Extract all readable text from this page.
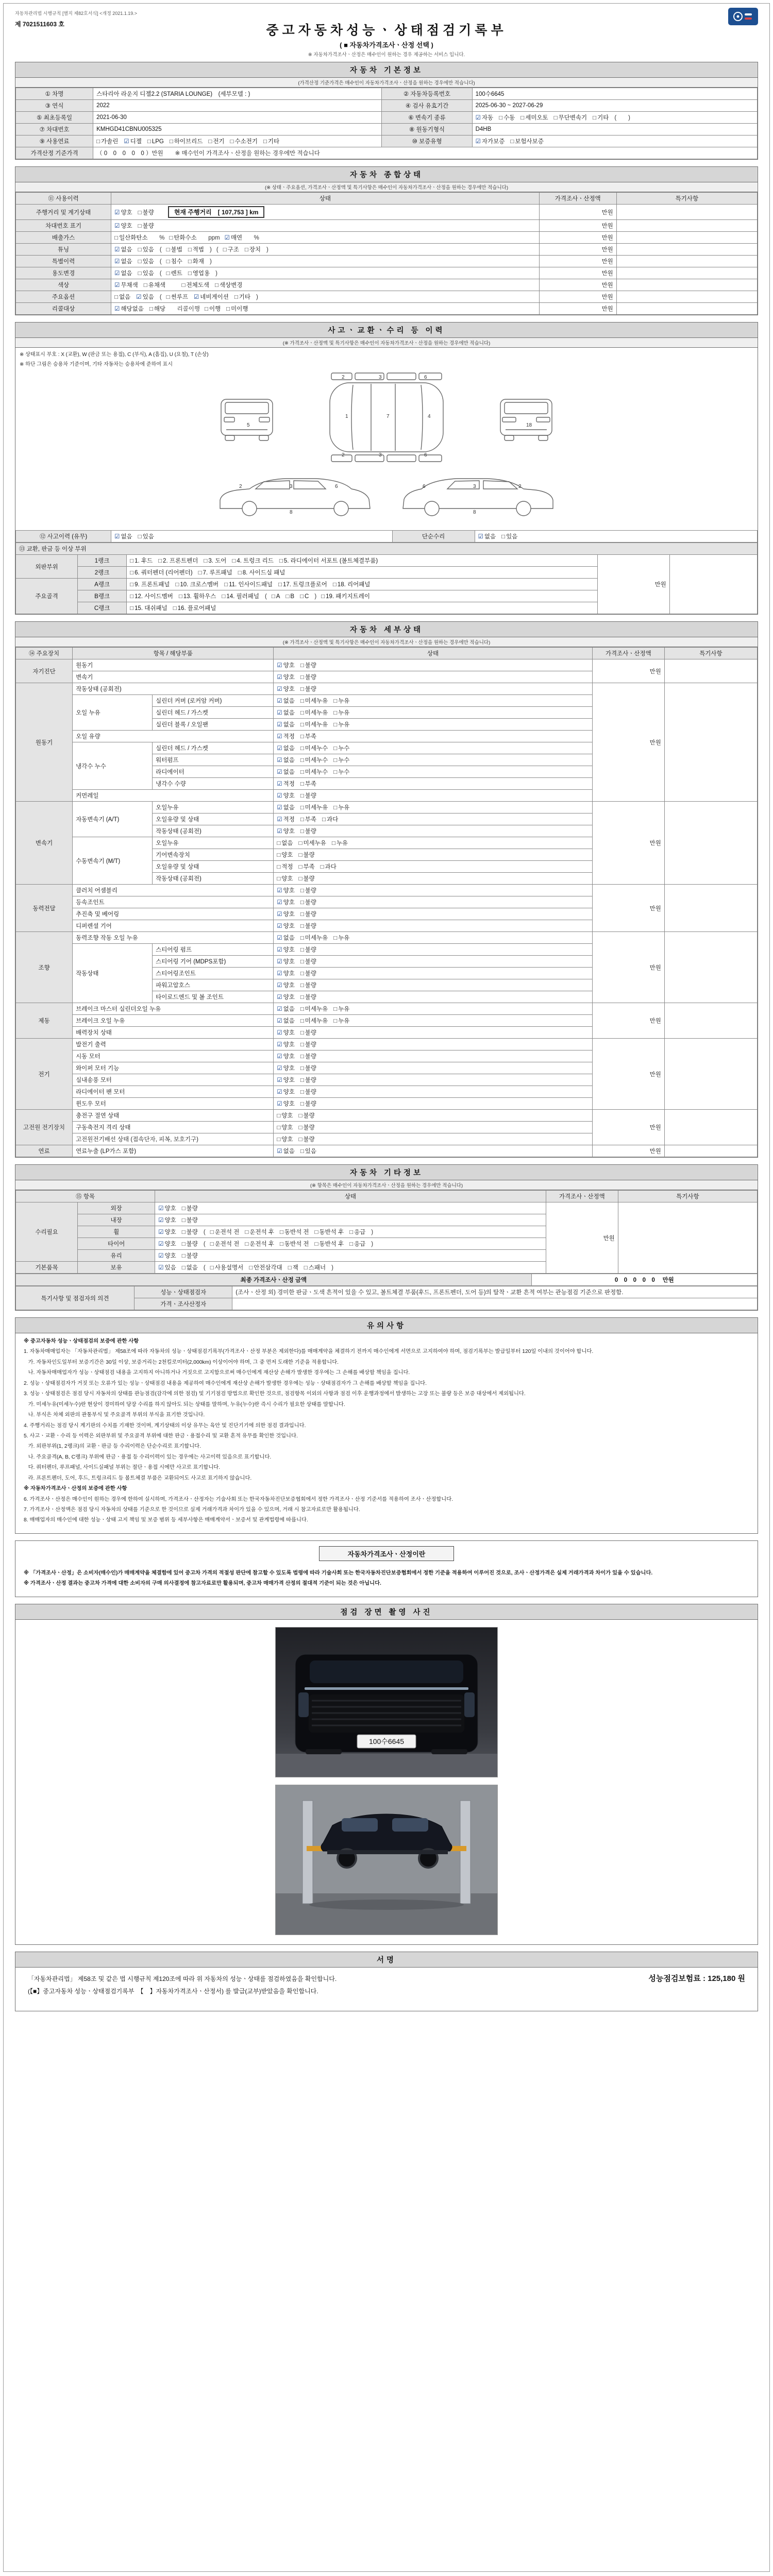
자동차관리법 시행규칙 [별지 제82호서식] <개정 2021.1.19.>
제 7021511603 호	중고자동차성능ㆍ상태점검기록부
( ■ 자동차가격조사ㆍ산정 선택 )
※ 자동차가격조사ㆍ산정은 매수인이 원하는 경우 제공하는 서비스 입니다.
자동차 기본정보
(가격산정 기준가격은 매수인이 자동차가격조사ㆍ산정을 원하는 경우에만 적습니다)
① 차명	스타리아 라운지 디젤2.2 (STARIA LOUNGE)　(세부모델 : )	② 자동차등록번호	100수6645
③ 연식	2022	④ 검사 유효기간	2025-06-30 ~ 2027-06-29
⑤ 최초등록일	2021-06-30	⑥ 변속기 종류	☑ 자동 □ 수동 □ 세미오토 □ 무단변속기 □ 기타 (　　)
⑦ 차대번호	KMHGD41CBNU005325	⑧ 원동기형식	D4HB
⑨ 사용연료	□ 가솔린 ☑ 디젤 □ LPG □ 하이브리드 □ 전기 □ 수소전기 □ 기타	⑩ 보증유형	☑ 자가보증 □ 보험사보증
가격산정 기준가격	（ 0　0　0　0　0 ）만원　　※ 매수인이 가격조사ㆍ산정을 원하는 경우에만 적습니다		
자동차 종합상태
(※ 상태ㆍ주요옵션, 가격조사ㆍ산정액 및 특기사항은 매수인이 자동차가격조사ㆍ산정을 원하는 경우에만 적습니다)
⑪ 사용이력	상태	가격조사ㆍ산정액	특기사항
주행거리 및 계기상태	☑ 양호 □ 불량 현재 주행거리　[ 107,753 ] km	만원	
차대번호 표기	☑ 양호 □ 불량	만원	
배출가스	□ 일산화탄소　% □ 탄화수소　ppm ☑ 매연　%	만원	
튜닝	☑ 없음 □ 있음 ( □ 불법 □ 적법 ) ( □ 구조 □ 장치 )	만원	
특별이력	☑ 없음 □ 있음 ( □ 침수 □ 화재 )	만원	
용도변경	☑ 없음 □ 있음 ( □ 렌트 □ 영업용 )	만원	
색상	☑ 무채색 □ 유채색　 □ 전체도색 □ 색상변경	만원	
주요옵션	□ 없음 ☑ 있음 ( □ 썬루프 ☑ 네비게이션 □ 기타 )	만원	
리콜대상	☑ 해당없음 □ 해당　리콜이행 □ 이행 □ 미이행	만원	
사고ㆍ교환ㆍ수리 등 이력
(※ 가격조사ㆍ산정액 및 특기사항은 매수인이 자동차가격조사ㆍ산정을 원하는 경우에만 적습니다)
※ 상태표시 부호 : X (교환), W (판금 또는 용접), C (부식), A (흠집), U (요철), T (손상)
※ 하단 그림은 승용차 기준이며, 기타 자동차는 승용차에 준하여 표시
5
1	7	4
2
2
3
3
6
6
18
2	3	6
8
6	3	2
8
⑫ 사고이력 (유무)	☑ 없음 □ 있음	단순수리	☑ 없음 □ 있음
⑬ 교환, 판금 등 이상 부위				
외판부위	1랭크	□ 1. 후드 □ 2. 프론트펜더 □ 3. 도어 □ 4. 트렁크 리드 □ 5. 라디에이터 서포트 (볼트체결부품)	만원	
	2랭크	□ 6. 쿼터펜더 (리어펜더) □ 7. 루프패널 □ 8. 사이드실 패널		
주요골격	A랭크	□ 9. 프론트패널 □ 10. 크로스멤버 □ 11. 인사이드패널 □ 17. 트렁크플로어 □ 18. 리어패널		
	B랭크	□ 12. 사이드멤버 □ 13. 휠하우스 □ 14. 필러패널 ( □ A □ B □ C ) □ 19. 패키지트레이		
	C랭크	□ 15. 대쉬패널 □ 16. 플로어패널		
자동차 세부상태
(※ 가격조사ㆍ산정액 및 특기사항은 매수인이 자동차가격조사ㆍ산정을 원하는 경우에만 적습니다)
⑭ 주요장치	항목 / 해당부품		상태	가격조사ㆍ산정액	특기사항
자기진단	원동기		☑ 양호 □ 불량	만원	
	변속기		☑ 양호 □ 불량		
원동기	작동상태 (공회전)		☑ 양호 □ 불량	만원	
	오일 누유	실린더 커버 (로커암 커버)	☑ 없음 □ 미세누유 □ 누유		
		실린더 헤드 / 가스켓	☑ 없음 □ 미세누유 □ 누유		
		실린더 블록 / 오일팬	☑ 없음 □ 미세누유 □ 누유		
	오일 유량		☑ 적정 □ 부족		
	냉각수 누수	실린더 헤드 / 가스켓	☑ 없음 □ 미세누수 □ 누수		
		워터펌프	☑ 없음 □ 미세누수 □ 누수		
		라디에이터	☑ 없음 □ 미세누수 □ 누수		
		냉각수 수량	☑ 적정 □ 부족		
	커먼레일		☑ 양호 □ 불량		
변속기	자동변속기 (A/T)	오일누유	☑ 없음 □ 미세누유 □ 누유	만원	
		오일유량 및 상태	☑ 적정 □ 부족 □ 과다		
		작동상태 (공회전)	☑ 양호 □ 불량		
	수동변속기 (M/T)	오일누유	□ 없음 □ 미세누유 □ 누유		
		기어변속장치	□ 양호 □ 불량		
		오일유량 및 상태	□ 적정 □ 부족 □ 과다		
		작동상태 (공회전)	□ 양호 □ 불량		
동력전달	클러치 어셈블리		☑ 양호 □ 불량	만원	
	등속조인트		☑ 양호 □ 불량		
	추진축 및 베어링		☑ 양호 □ 불량		
	디퍼렌셜 기어		☑ 양호 □ 불량		
조향	동력조향 작동 오일 누유		☑ 없음 □ 미세누유 □ 누유	만원	
	작동상태	스티어링 펌프	☑ 양호 □ 불량		
		스티어링 기어 (MDPS포함)	☑ 양호 □ 불량		
		스티어링조인트	☑ 양호 □ 불량		
		파워고압호스	☑ 양호 □ 불량		
		타이로드엔드 및 볼 조인트	☑ 양호 □ 불량		
제동	브레이크 마스터 실린더오일 누유		☑ 없음 □ 미세누유 □ 누유	만원	
	브레이크 오일 누유		☑ 없음 □ 미세누유 □ 누유		
	배력장치 상태		☑ 양호 □ 불량		
전기	발전기 출력		☑ 양호 □ 불량	만원	
	시동 모터		☑ 양호 □ 불량		
	와이퍼 모터 기능		☑ 양호 □ 불량		
	실내송풍 모터		☑ 양호 □ 불량		
	라디에이터 팬 모터		☑ 양호 □ 불량		
	윈도우 모터		☑ 양호 □ 불량		
고전원 전기장치	충전구 절연 상태		□ 양호 □ 불량	만원	
	구동축전지 격리 상태		□ 양호 □ 불량		
	고전원전기배선 상태 (접속단자, 피복, 보호기구)		□ 양호 □ 불량		
연료	연료누출 (LP가스 포함)		☑ 없음 □ 있음	만원	
자동차 기타정보
(※ 항목은 매수인이 자동차가격조사ㆍ산정을 원하는 경우에만 적습니다)
⑮ 항목		상태	가격조사ㆍ산정액	특기사항
수리필요	외장	☑ 양호 □ 불량	만원	
	내장	☑ 양호 □ 불량		
	휠	☑ 양호 □ 불량 ( □ 운전석 전 □ 운전석 후 □ 동반석 전 □ 동반석 후 □ 응급 )		
	타이어	☑ 양호 □ 불량 ( □ 운전석 전 □ 운전석 후 □ 동반석 전 □ 동반석 후 □ 응급 )		
	유리	☑ 양호 □ 불량		
기본품목	보유	☑ 있음 □ 없음 ( □ 사용설명서 □ 안전삼각대 □ 잭 □ 스패너 )		
최종 가격조사ㆍ산정 금액	0　0　0　0　0　 만원
특기사항 및 점검자의 의견	성능ㆍ상태점검자	(조사ㆍ산정 외) 경미한 판금ㆍ도색 흔적이 있을 수 있고, 볼트체결 부품(후드, 프론트펜더, 도어 등)의 탈착ㆍ교환 흔적 여부는 관능점검 기준으로 판정함.
	가격ㆍ조사산정자	
유의사항

※ 중고자동차 성능ㆍ상태점검의 보증에 관한 사항

1. 자동차매매업자는 「자동차관리법」 제58조에 따라 자동차의 성능ㆍ상태점검기록부(가격조사ㆍ산정 부분은 제외한다)를 매매계약을 체결하기 전까지 매수인에게 서면으로 고지하여야 하며, 점검기록부는 발급일부터 120일 이내의 것이어야 합니다.

가. 자동차인도일부터 보증기간은 30일 이상, 보증거리는 2천킬로미터(2,000km) 이상이어야 하며, 그 중 먼저 도래한 기준을 적용합니다.

나. 자동차매매업자가 성능ㆍ상태점검 내용을 고지하지 아니하거나 거짓으로 고지함으로써 매수인에게 재산상 손해가 발생한 경우에는 그 손해를 배상할 책임을 집니다.

2. 성능ㆍ상태점검자가 거짓 또는 오류가 있는 성능ㆍ상태점검 내용을 제공하여 매수인에게 재산상 손해가 발생한 경우에는 성능ㆍ상태점검자가 그 손해를 배상할 책임을 집니다.

3. 성능ㆍ상태점검은 점검 당시 자동차의 상태를 관능점검(감각에 의한 점검) 및 기기점검 방법으로 확인한 것으로, 점검항목 이외의 사항과 점검 이후 운행과정에서 발생하는 고장 또는 불량 등은 보증 대상에서 제외됩니다.

가. 미세누유(미세누수)란 현상이 경미하여 당장 수리를 하지 않아도 되는 상태를 말하며, 누유(누수)란 즉시 수리가 필요한 상태를 말합니다.

나. 부식은 차체 외판의 관통부식 및 주요골격 부위의 부식을 표기한 것입니다.

4. 주행거리는 점검 당시 계기판의 수치를 기재한 것이며, 계기상태의 이상 유무는 육안 및 진단기기에 의한 점검 결과입니다.

5. 사고ㆍ교환ㆍ수리 등 이력은 외판부위 및 주요골격 부위에 대한 판금ㆍ용접수리 및 교환 흔적 유무를 확인한 것입니다.

가. 외판부위(1, 2랭크)의 교환ㆍ판금 등 수리이력은 단순수리로 표기합니다.

나. 주요골격(A, B, C랭크) 부위에 판금ㆍ용접 등 수리이력이 있는 경우에는 사고이력 있음으로 표기합니다.

다. 쿼터펜더, 루프패널, 사이드실패널 부위는 절단ㆍ용접 시에만 사고로 표기합니다.

라. 프론트펜더, 도어, 후드, 트렁크리드 등 볼트체결 부품은 교환되어도 사고로 표기하지 않습니다.

※ 자동차가격조사ㆍ산정의 보증에 관한 사항

6. 가격조사ㆍ산정은 매수인이 원하는 경우에 한하여 실시하며, 가격조사ㆍ산정자는 기술사회 또는 한국자동차진단보증협회에서 정한 가격조사ㆍ산정 기준서를 적용하여 조사ㆍ산정합니다.

7. 가격조사ㆍ산정액은 점검 당시 자동차의 상태를 기준으로 한 것이므로 실제 거래가격과 차이가 있을 수 있으며, 거래 시 참고자료로만 활용됩니다.

8. 매매업자의 매수인에 대한 성능ㆍ상태 고지 책임 및 보증 범위 등 세부사항은 매매계약서ㆍ보증서 및 관계법령에 따릅니다.

자동차가격조사ㆍ산정이란

※ 「가격조사ㆍ산정」은 소비자(매수인)가 매매계약을 체결함에 있어 중고차 가격의 적절성 판단에 참고할 수 있도록 법령에 따라 기술사회 또는 한국자동차진단보증협회에서 정한 기준을 적용하여 이루어진 것으로, 조사ㆍ산정가격은 실제 거래가격과 차이가 있을 수 있습니다.

※ 가격조사ㆍ산정 결과는 중고차 가격에 대한 소비자의 구매 의사결정에 참고자료로만 활용되며, 중고차 매매가격 산정의 절대적 기준이 되는 것은 아닙니다.

점검 장면 촬영 사진
100수6645
서명
「자동차관리법」 제58조 및 같은 법 시행규칙 제120조에 따라 위 자동차의 성능ㆍ상태를 점검하였음을 확인합니다.
(【■】중고자동차 성능ㆍ상태점검기록부　【　】자동차가격조사ㆍ산정서) 를 발급(교부)받았음을 확인합니다.
성능점검보험료 : 125,180 원
